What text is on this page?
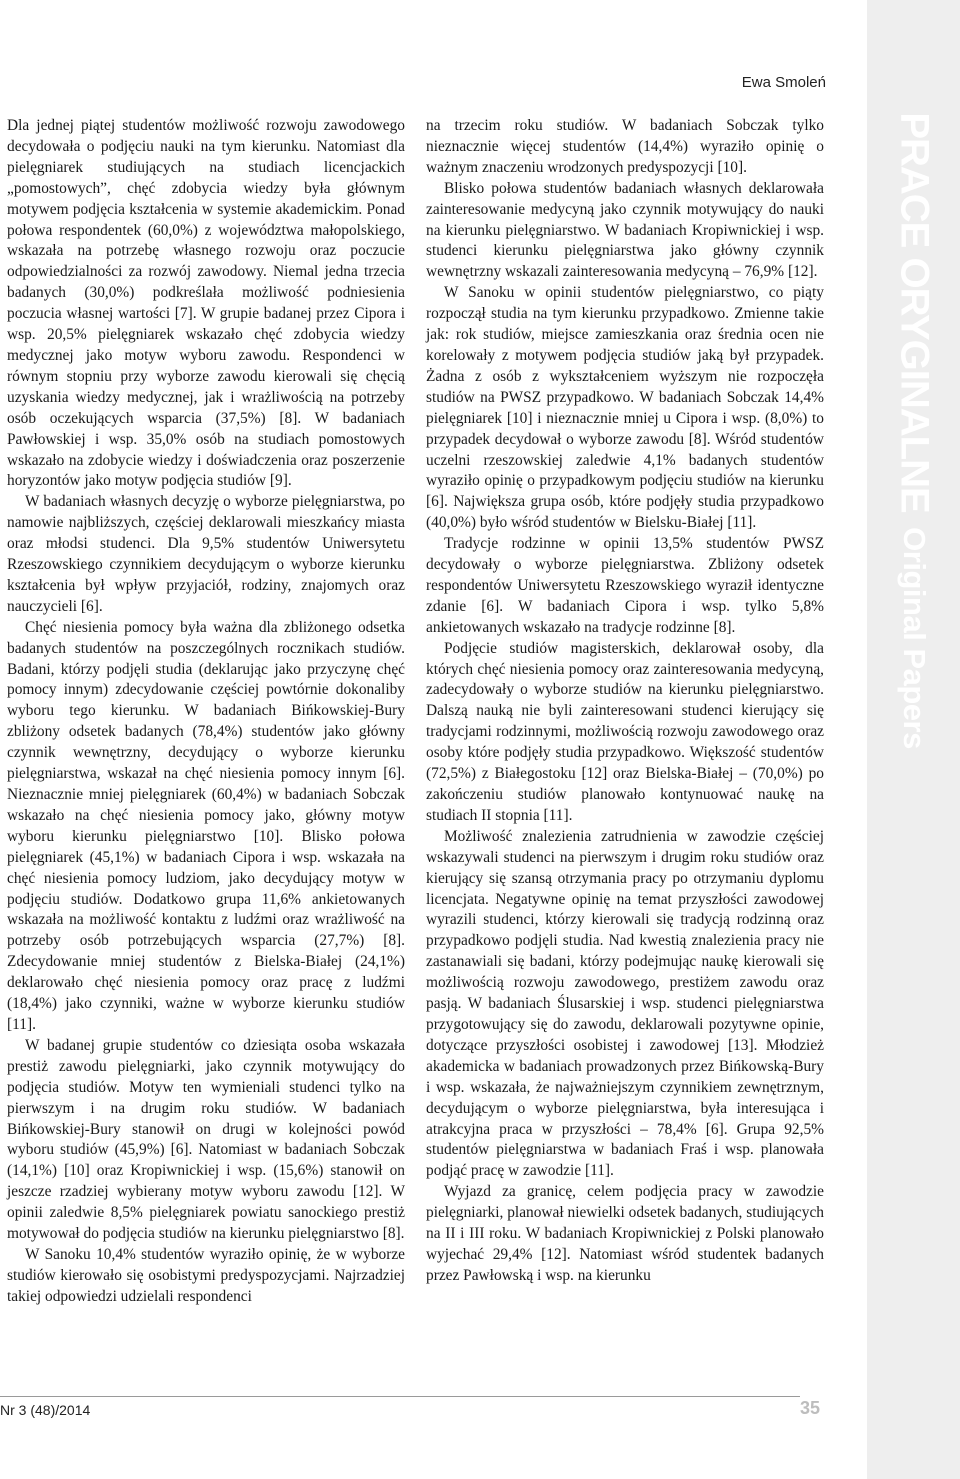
PRACE ORYGINALNE
Original Papers
Ewa Smoleń

Dla jednej piątej studentów możliwość rozwoju zawodowego decydowała o podjęciu nauki na tym kierunku. Natomiast dla pielęgniarek studiujących na studiach licencjackich „pomostowych”, chęć zdobycia wiedzy była głównym motywem podjęcia kształcenia w systemie akademickim. Ponad połowa respondentek (60,0%) z województwa małopolskiego, wskazała na potrzebę własnego rozwoju oraz poczucie odpowiedzialności za rozwój zawodowy. Niemal jedna trzecia badanych (30,0%) podkreślała możliwość podniesienia poczucia własnej wartości [7]. W grupie badanej przez Cipora i wsp. 20,5% pielęgniarek wskazało chęć zdobycia wiedzy medycznej jako motyw wyboru zawodu. Respondenci w równym stopniu przy wyborze zawodu kierowali się chęcią uzyskania wiedzy medycznej, jak i wrażliwością na potrzeby osób oczekujących wsparcia (37,5%) [8]. W badaniach Pawłowskiej i wsp. 35,0% osób na studiach pomostowych wskazało na zdobycie wiedzy i doświadczenia oraz poszerzenie horyzontów jako motyw podjęcia studiów [9].

W badaniach własnych decyzję o wyborze pielęgniarstwa, po namowie najbliższych, częściej deklarowali mieszkańcy miasta oraz młodsi studenci. Dla 9,5% studentów Uniwersytetu Rzeszowskiego czynnikiem decydującym o wyborze kierunku kształcenia był wpływ przyjaciół, rodziny, znajomych oraz nauczycieli [6].

Chęć niesienia pomocy była ważna dla zbliżonego odsetka badanych studentów na poszczególnych rocznikach studiów. Badani, którzy podjęli studia (deklarując jako przyczynę chęć pomocy innym) zdecydowanie częściej powtórnie dokonaliby wyboru tego kierunku. W badaniach Bińkowskiej-Bury zbliżony odsetek badanych (78,4%) studentów jako główny czynnik wewnętrzny, decydujący o wyborze kierunku pielęgniarstwa, wskazał na chęć niesienia pomocy innym [6]. Nieznacznie mniej pielęgniarek (60,4%) w badaniach Sobczak wskazało na chęć niesienia pomocy jako, główny motyw wyboru kierunku pielęgniarstwo [10]. Blisko połowa pielęgniarek (45,1%) w badaniach Cipora i wsp. wskazała na chęć niesienia pomocy ludziom, jako decydujący motyw w podjęciu studiów. Dodatkowo grupa 11,6% ankietowanych wskazała na możliwość kontaktu z ludźmi oraz wrażliwość na potrzeby osób potrzebujących wsparcia (27,7%) [8]. Zdecydowanie mniej studentów z Bielska-Białej (24,1%) deklarowało chęć niesienia pomocy oraz pracę z ludźmi (18,4%) jako czynniki, ważne w wyborze kierunku studiów [11].

W badanej grupie studentów co dziesiąta osoba wskazała prestiż zawodu pielęgniarki, jako czynnik motywujący do podjęcia studiów. Motyw ten wymieniali studenci tylko na pierwszym i na drugim roku studiów. W badaniach Bińkowskiej-Bury stanowił on drugi w kolejności powód wyboru studiów (45,9%) [6]. Natomiast w badaniach Sobczak (14,1%) [10] oraz Kropiwnickiej i wsp. (15,6%) stanowił on jeszcze rzadziej wybierany motyw wyboru zawodu [12]. W opinii zaledwie 8,5% pielęgniarek powiatu sanockiego prestiż motywował do podjęcia studiów na kierunku pielęgniarstwo [8].

W Sanoku 10,4% studentów wyraziło opinię, że w wyborze studiów kierowało się osobistymi predyspozycjami. Najrzadziej takiej odpowiedzi udzielali respondenci

na trzecim roku studiów. W badaniach Sobczak tylko nieznacznie więcej studentów (14,4%) wyraziło opinię o ważnym znaczeniu wrodzonych predyspozycji [10].

Blisko połowa studentów badaniach własnych deklarowała zainteresowanie medycyną jako czynnik motywujący do nauki na kierunku pielęgniarstwo. W badaniach Kropiwnickiej i wsp. studenci kierunku pielęgniarstwa jako główny czynnik wewnętrzny wskazali zainteresowania medycyną – 76,9% [12].

W Sanoku w opinii studentów pielęgniarstwo, co piąty rozpoczął studia na tym kierunku przypadkowo. Zmienne takie jak: rok studiów, miejsce zamieszkania oraz średnia ocen nie korelowały z motywem podjęcia studiów jaką był przypadek. Żadna z osób z wykształceniem wyższym nie rozpoczęła studiów na PWSZ przypadkowo. W badaniach Sobczak 14,4% pielęgniarek [10] i nieznacznie mniej u Cipora i wsp. (8,0%) to przypadek decydował o wyborze zawodu [8]. Wśród studentów uczelni rzeszowskiej zaledwie 4,1% badanych studentów wyraziło opinię o przypadkowym podjęciu studiów na kierunku [6]. Największa grupa osób, które podjęły studia przypadkowo (40,0%) było wśród studentów w Bielsku-Białej [11].

Tradycje rodzinne w opinii 13,5% studentów PWSZ decydowały o wyborze pielęgniarstwa. Zbliżony odsetek respondentów Uniwersytetu Rzeszowskiego wyraził identyczne zdanie [6]. W badaniach Cipora i wsp. tylko 5,8% ankietowanych wskazało na tradycje rodzinne [8].

Podjęcie studiów magisterskich, deklarował osoby, dla których chęć niesienia pomocy oraz zainteresowania medycyną, zadecydowały o wyborze studiów na kierunku pielęgniarstwo. Dalszą nauką nie byli zainteresowani studenci kierujący się tradycjami rodzinnymi, możliwością rozwoju zawodowego oraz osoby które podjęły studia przypadkowo. Większość studentów (72,5%) z Białegostoku [12] oraz Bielska-Białej – (70,0%) po zakończeniu studiów planowało kontynuować naukę na studiach II stopnia [11].

Możliwość znalezienia zatrudnienia w zawodzie częściej wskazywali studenci na pierwszym i drugim roku studiów oraz kierujący się szansą otrzymania pracy po otrzymaniu dyplomu licencjata. Negatywne opinię na temat przyszłości zawodowej wyrazili studenci, którzy kierowali się tradycją rodzinną oraz przypadkowo podjęli studia. Nad kwestią znalezienia pracy nie zastanawiali się badani, którzy podejmując naukę kierowali się możliwością rozwoju zawodowego, prestiżem zawodu oraz pasją. W badaniach Ślusarskiej i wsp. studenci pielęgniarstwa przygotowujący się do zawodu, deklarowali pozytywne opinie, dotyczące przyszłości osobistej i zawodowej [13]. Młodzież akademicka w badaniach prowadzonych przez Bińkowską-Bury i wsp. wskazała, że najważniejszym czynnikiem zewnętrznym, decydującym o wyborze pielęgniarstwa, była interesująca i atrakcyjna praca w przyszłości – 78,4% [6]. Grupa 92,5% studentów pielęgniarstwa w badaniach Fraś i wsp. planowała podjąć pracę w zawodzie [11].

Wyjazd za granicę, celem podjęcia pracy w zawodzie pielęgniarki, planował niewielki odsetek badanych, studiujących na II i III roku. W badaniach Kropiwnickiej z Polski planowało wyjechać 29,4% [12]. Natomiast wśród studentek badanych przez Pawłowską i wsp. na kierunku

Nr 3 (48)/2014	35
